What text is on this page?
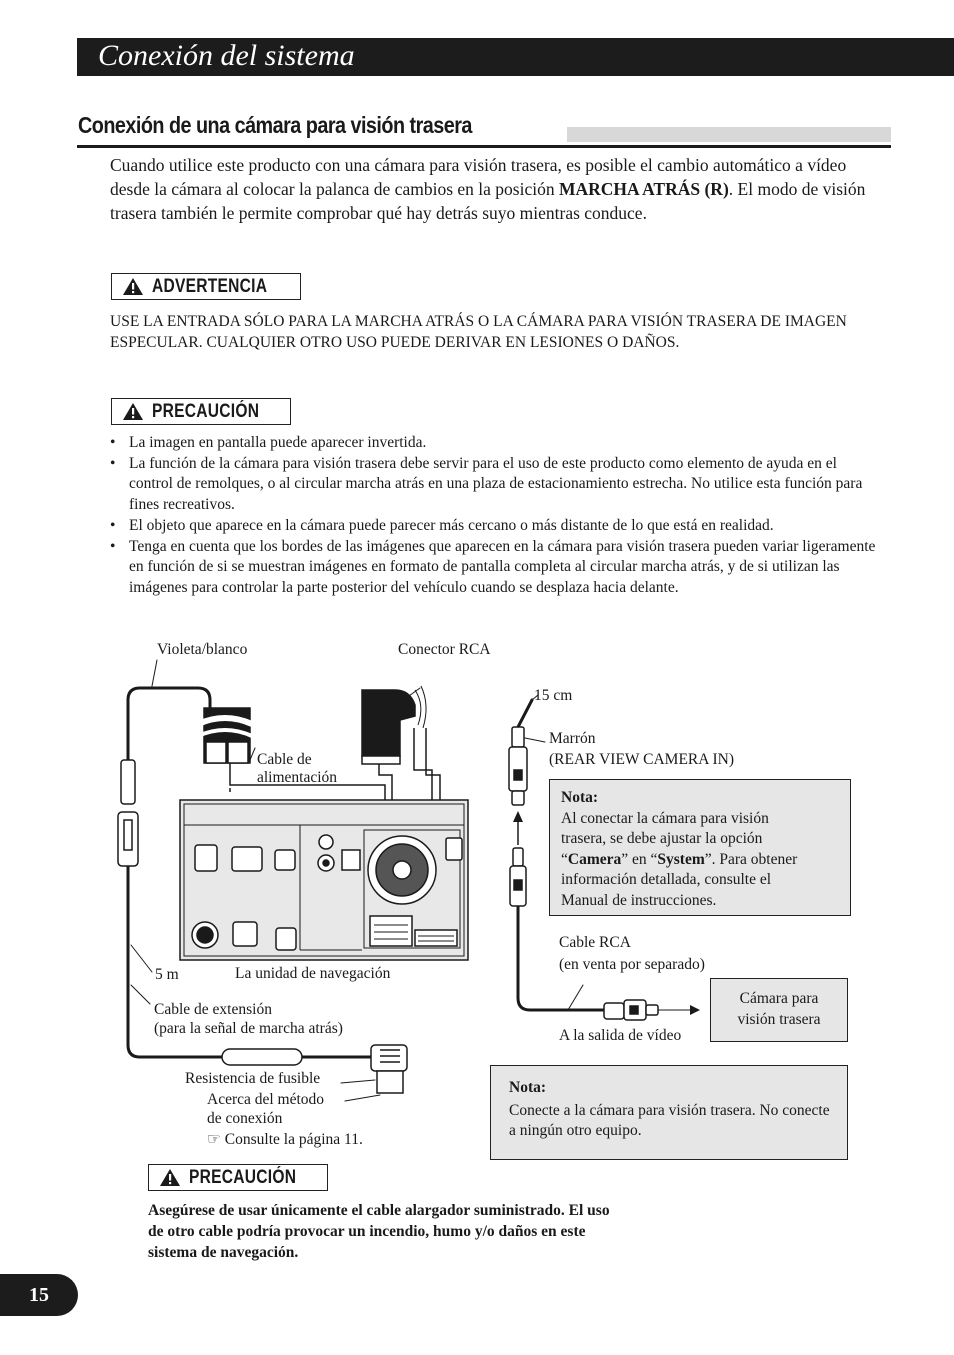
Conexión del sistema
Conexión de una cámara para visión trasera
Cuando utilice este producto con una cámara para visión trasera, es posible el cambio automático a vídeo desde la cámara al colocar la palanca de cambios en la posición MARCHA ATRÁS (R). El modo de visión trasera también le permite comprobar qué hay detrás suyo mientras conduce.
ADVERTENCIA
USE LA ENTRADA SÓLO PARA LA MARCHA ATRÁS O LA CÁMARA PARA VISIÓN TRASERA DE IMAGEN ESPECULAR. CUALQUIER OTRO USO PUEDE DERIVAR EN LESIONES O DAÑOS.
PRECAUCIÓN
• La imagen en pantalla puede aparecer invertida.
• La función de la cámara para visión trasera debe servir para el uso de este producto como elemento de ayuda en el control de remolques, o al circular marcha atrás en una plaza de estacionamiento estrecha. No utilice esta función para fines recreativos.
• El objeto que aparece en la cámara puede parecer más cercano o más distante de lo que está en realidad.
• Tenga en cuenta que los bordes de las imágenes que aparecen en la cámara para visión trasera pueden variar ligeramente en función de si se muestran imágenes en formato de pantalla completa al circular marcha atrás, y de si utilizan las imágenes para controlar la parte posterior del vehículo cuando se desplaza hacia delante.
Violeta/blanco	Conector RCA
15 cm
Marrón
(REAR VIEW CAMERA IN)
Cable de
alimentación
5 m	La unidad de navegación
Cable de extensión
(para la señal de marcha atrás)
Resistencia de fusible
Acerca del método
de conexión
☞ Consulte la página 11.
Cable RCA
(en venta por separado)
A la salida de vídeo
Cámara para
visión trasera
Nota:
Al conectar la cámara para visión
trasera, se debe ajustar la opción
“Camera” en “System”. Para obtener
información detallada, consulte el
Manual de instrucciones.
Nota:
Conecte a la cámara para visión trasera. No conecte a ningún otro equipo.
PRECAUCIÓN
Asegúrese de usar únicamente el cable alargador suministrado. El uso de otro cable podría provocar un incendio, humo y/o daños en este sistema de navegación.
15
